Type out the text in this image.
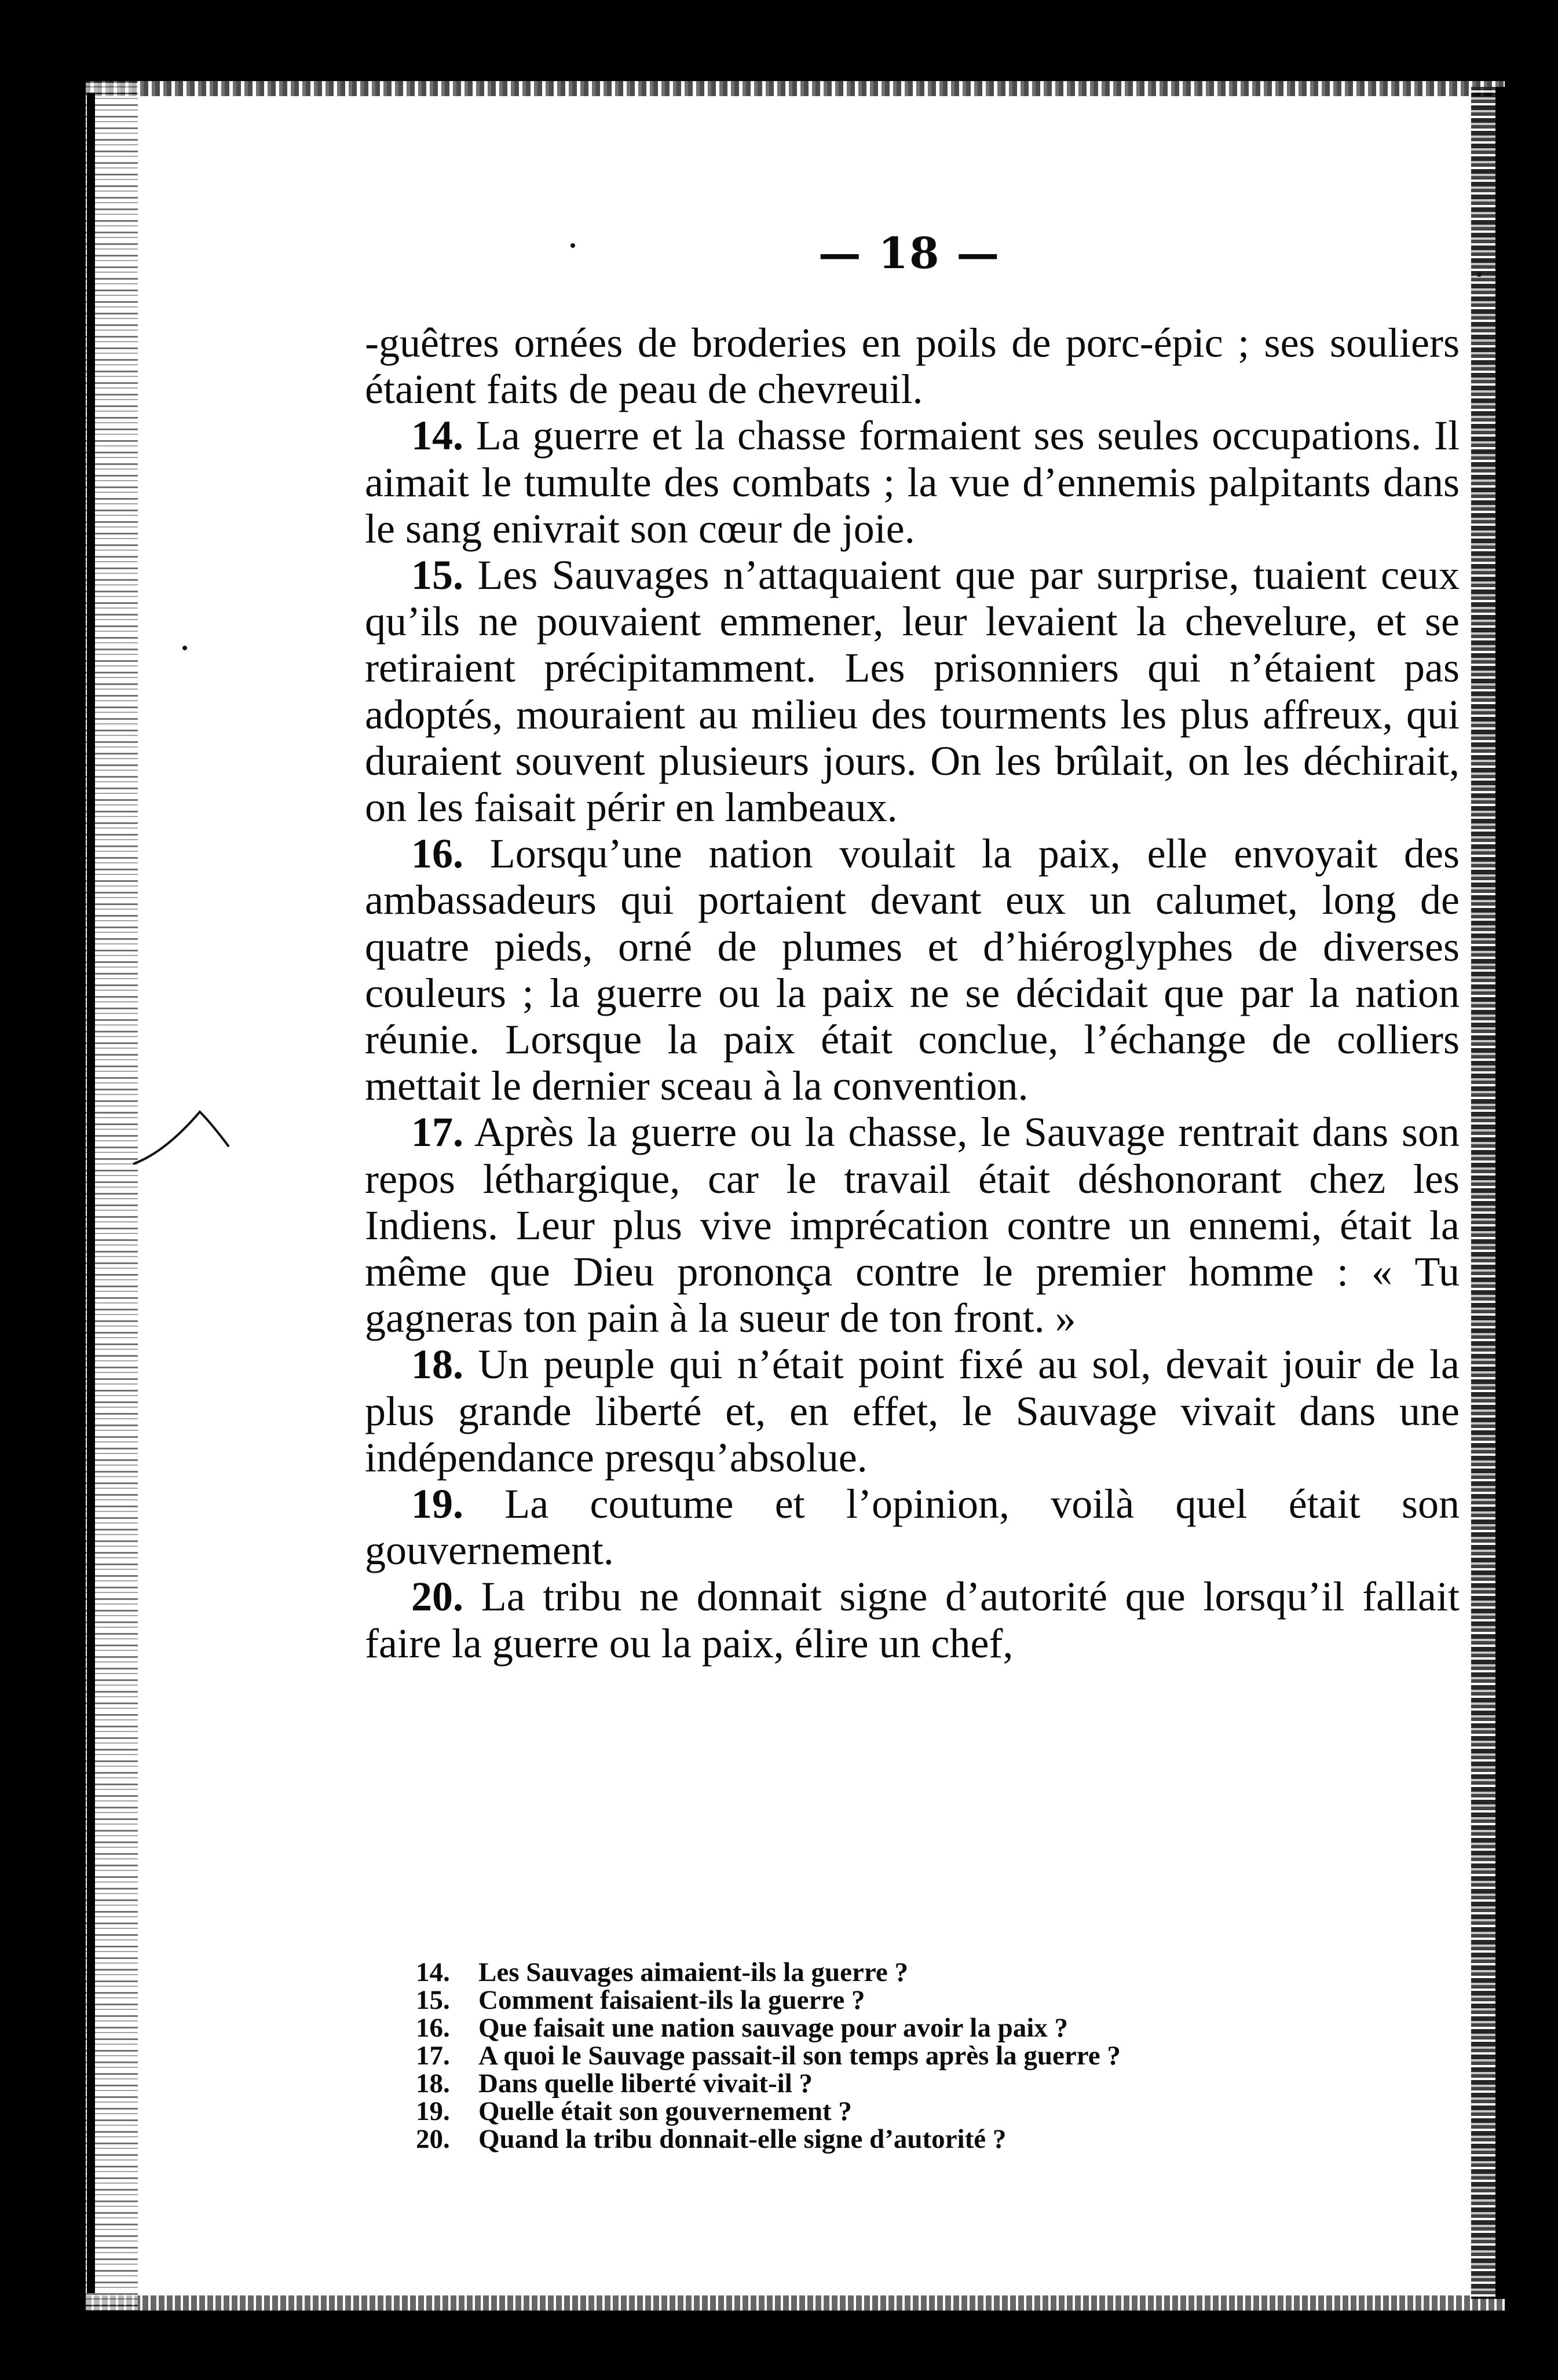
— 18 —

-guêtres ornées de broderies en poils de porc-épic ; ses souliers étaient faits de peau de chevreuil.

14. La guerre et la chasse formaient ses seules occupations. Il aimait le tumulte des combats ; la vue d’ennemis palpitants dans le sang enivrait son cœur de joie.

15. Les Sauvages n’attaquaient que par surprise, tuaient ceux qu’ils ne pouvaient emmener, leur levaient la chevelure, et se retiraient précipitamment. Les prisonniers qui n’étaient pas adoptés, mouraient au milieu des tourments les plus affreux, qui duraient souvent plusieurs jours. On les brûlait, on les déchirait, on les faisait périr en lambeaux.

16. Lorsqu’une nation voulait la paix, elle envoyait des ambassadeurs qui portaient devant eux un calumet, long de quatre pieds, orné de plumes et d’hiéroglyphes de diverses couleurs ; la guerre ou la paix ne se décidait que par la nation réunie. Lorsque la paix était conclue, l’échange de colliers mettait le dernier sceau à la convention.

17. Après la guerre ou la chasse, le Sauvage rentrait dans son repos léthargique, car le travail était déshonorant chez les Indiens. Leur plus vive imprécation contre un ennemi, était la même que Dieu prononça contre le premier homme : « Tu gagneras ton pain à la sueur de ton front. »

18. Un peuple qui n’était point fixé au sol, devait jouir de la plus grande liberté et, en effet, le Sauvage vivait dans une indépendance presqu’absolue.

19. La coutume et l’opinion, voilà quel était son gouvernement.

20. La tribu ne donnait signe d’autorité que lorsqu’il fallait faire la guerre ou la paix, élire un chef,

14. Les Sauvages aimaient-ils la guerre ?
15. Comment faisaient-ils la guerre ?
16. Que faisait une nation sauvage pour avoir la paix ?
17. A quoi le Sauvage passait-il son temps après la guerre ?
18. Dans quelle liberté vivait-il ?
19. Quelle était son gouvernement ?
20. Quand la tribu donnait-elle signe d’autorité ?
